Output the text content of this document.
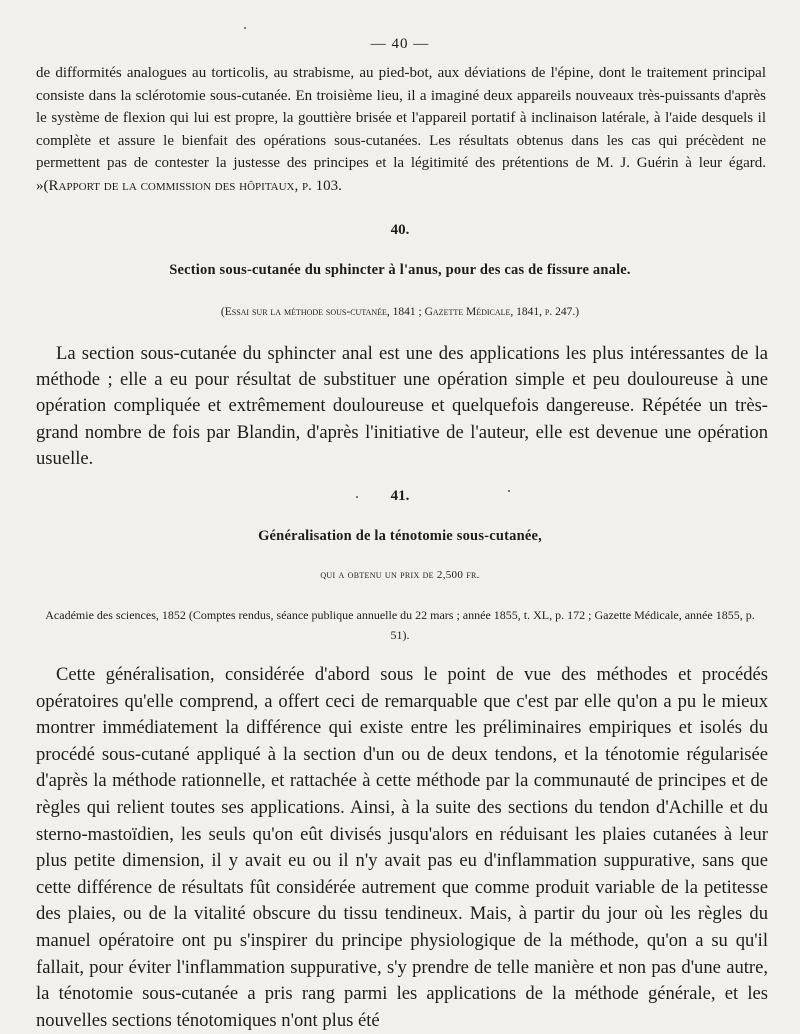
— 40 —
de difformités analogues au torticolis, au strabisme, au pied-bot, aux déviations de l'épine, dont le traitement principal consiste dans la sclérotomie sous-cutanée. En troisième lieu, il a imaginé deux appareils nouveaux très-puissants d'après le système de flexion qui lui est propre, la gouttière brisée et l'appareil portatif à inclinaison latérale, à l'aide desquels il complète et assure le bienfait des opérations sous-cutanées. Les résultats obtenus dans les cas qui précèdent ne permettent pas de contester la justesse des principes et la légitimité des prétentions de M. J. Guérin à leur égard. »(Rapport de la commission des hôpitaux, p. 103.
40.
Section sous-cutanée du sphincter à l'anus, pour des cas de fissure anale.
(Essai sur la méthode sous-cutanée, 1841 ; Gazette Médicale, 1841, p. 247.)
La section sous-cutanée du sphincter anal est une des applications les plus intéressantes de la méthode ; elle a eu pour résultat de substituer une opération simple et peu douloureuse à une opération compliquée et extrêmement douloureuse et quelquefois dangereuse. Répétée un très-grand nombre de fois par Blandin, d'après l'initiative de l'auteur, elle est devenue une opération usuelle.
41.
Généralisation de la ténotomie sous-cutanée,
qui a obtenu un prix de 2,500 fr.
Académie des sciences, 1852 (Comptes rendus, séance publique annuelle du 22 mars ; année 1855, t. XL, p. 172 ; Gazette Médicale, année 1855, p. 51).
Cette généralisation, considérée d'abord sous le point de vue des méthodes et procédés opératoires qu'elle comprend, a offert ceci de remarquable que c'est par elle qu'on a pu le mieux montrer immédiatement la différence qui existe entre les préliminaires empiriques et isolés du procédé sous-cutané appliqué à la section d'un ou de deux tendons, et la ténotomie régularisée d'après la méthode rationnelle, et rattachée à cette méthode par la communauté de principes et de règles qui relient toutes ses applications. Ainsi, à la suite des sections du tendon d'Achille et du sterno-mastoïdien, les seuls qu'on eût divisés jusqu'alors en réduisant les plaies cutanées à leur plus petite dimension, il y avait eu ou il n'y avait pas eu d'inflammation suppurative, sans que cette différence de résultats fût considérée autrement que comme produit variable de la petitesse des plaies, ou de la vitalité obscure du tissu tendineux. Mais, à partir du jour où les règles du manuel opératoire ont pu s'inspirer du principe physiologique de la méthode, qu'on a su qu'il fallait, pour éviter l'inflammation suppurative, s'y prendre de telle manière et non pas d'une autre, la ténotomie sous-cutanée a pris rang parmi les applications de la méthode générale, et les nouvelles sections ténotomiques n'ont plus été
